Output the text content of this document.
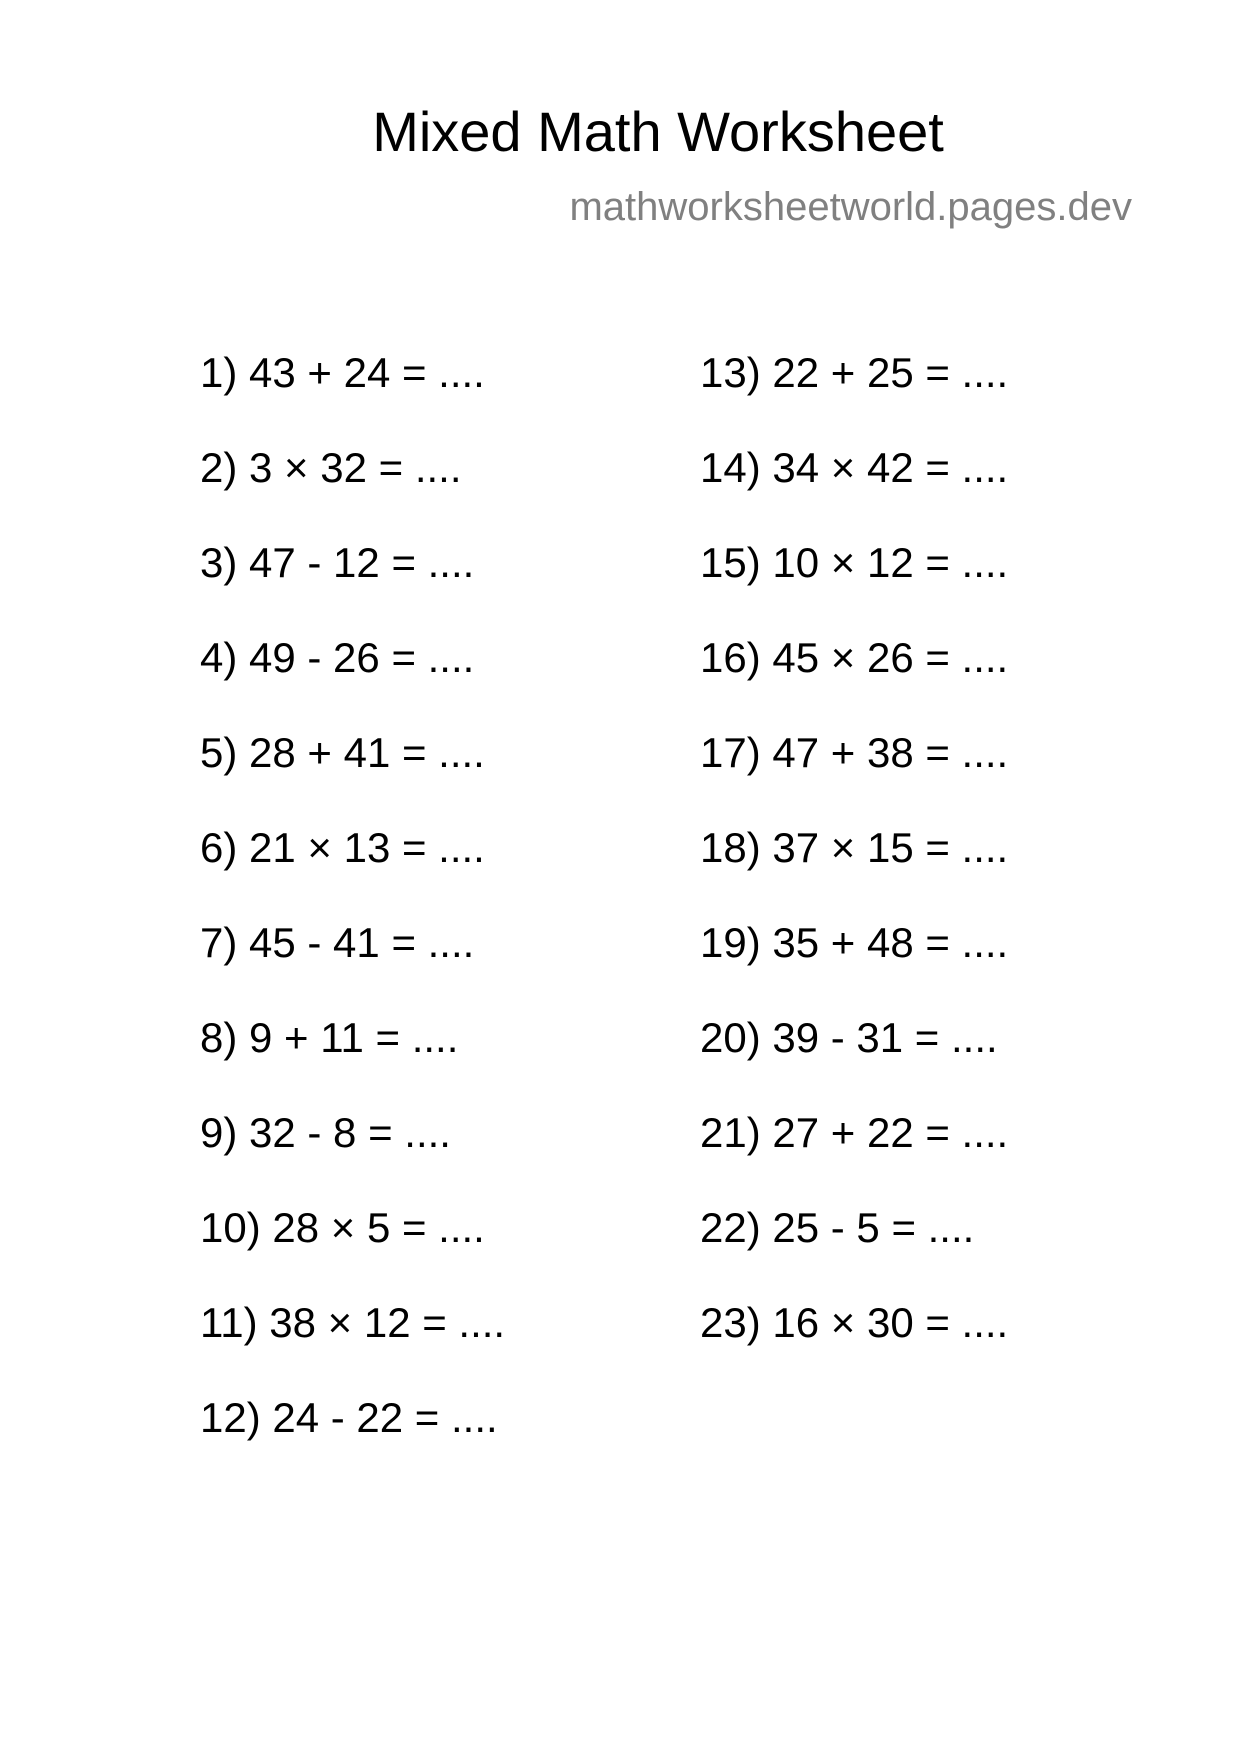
Mixed Math Worksheet
mathworksheetworld.pages.dev
1) 43 + 24 = ....
2) 3 × 32 = ....
3) 47 - 12 = ....
4) 49 - 26 = ....
5) 28 + 41 = ....
6) 21 × 13 = ....
7) 45 - 41 = ....
8) 9 + 11 = ....
9) 32 - 8 = ....
10) 28 × 5 = ....
11) 38 × 12 = ....
12) 24 - 22 = ....
13) 22 + 25 = ....
14) 34 × 42 = ....
15) 10 × 12 = ....
16) 45 × 26 = ....
17) 47 + 38 = ....
18) 37 × 15 = ....
19) 35 + 48 = ....
20) 39 - 31 = ....
21) 27 + 22 = ....
22) 25 - 5 = ....
23) 16 × 30 = ....
